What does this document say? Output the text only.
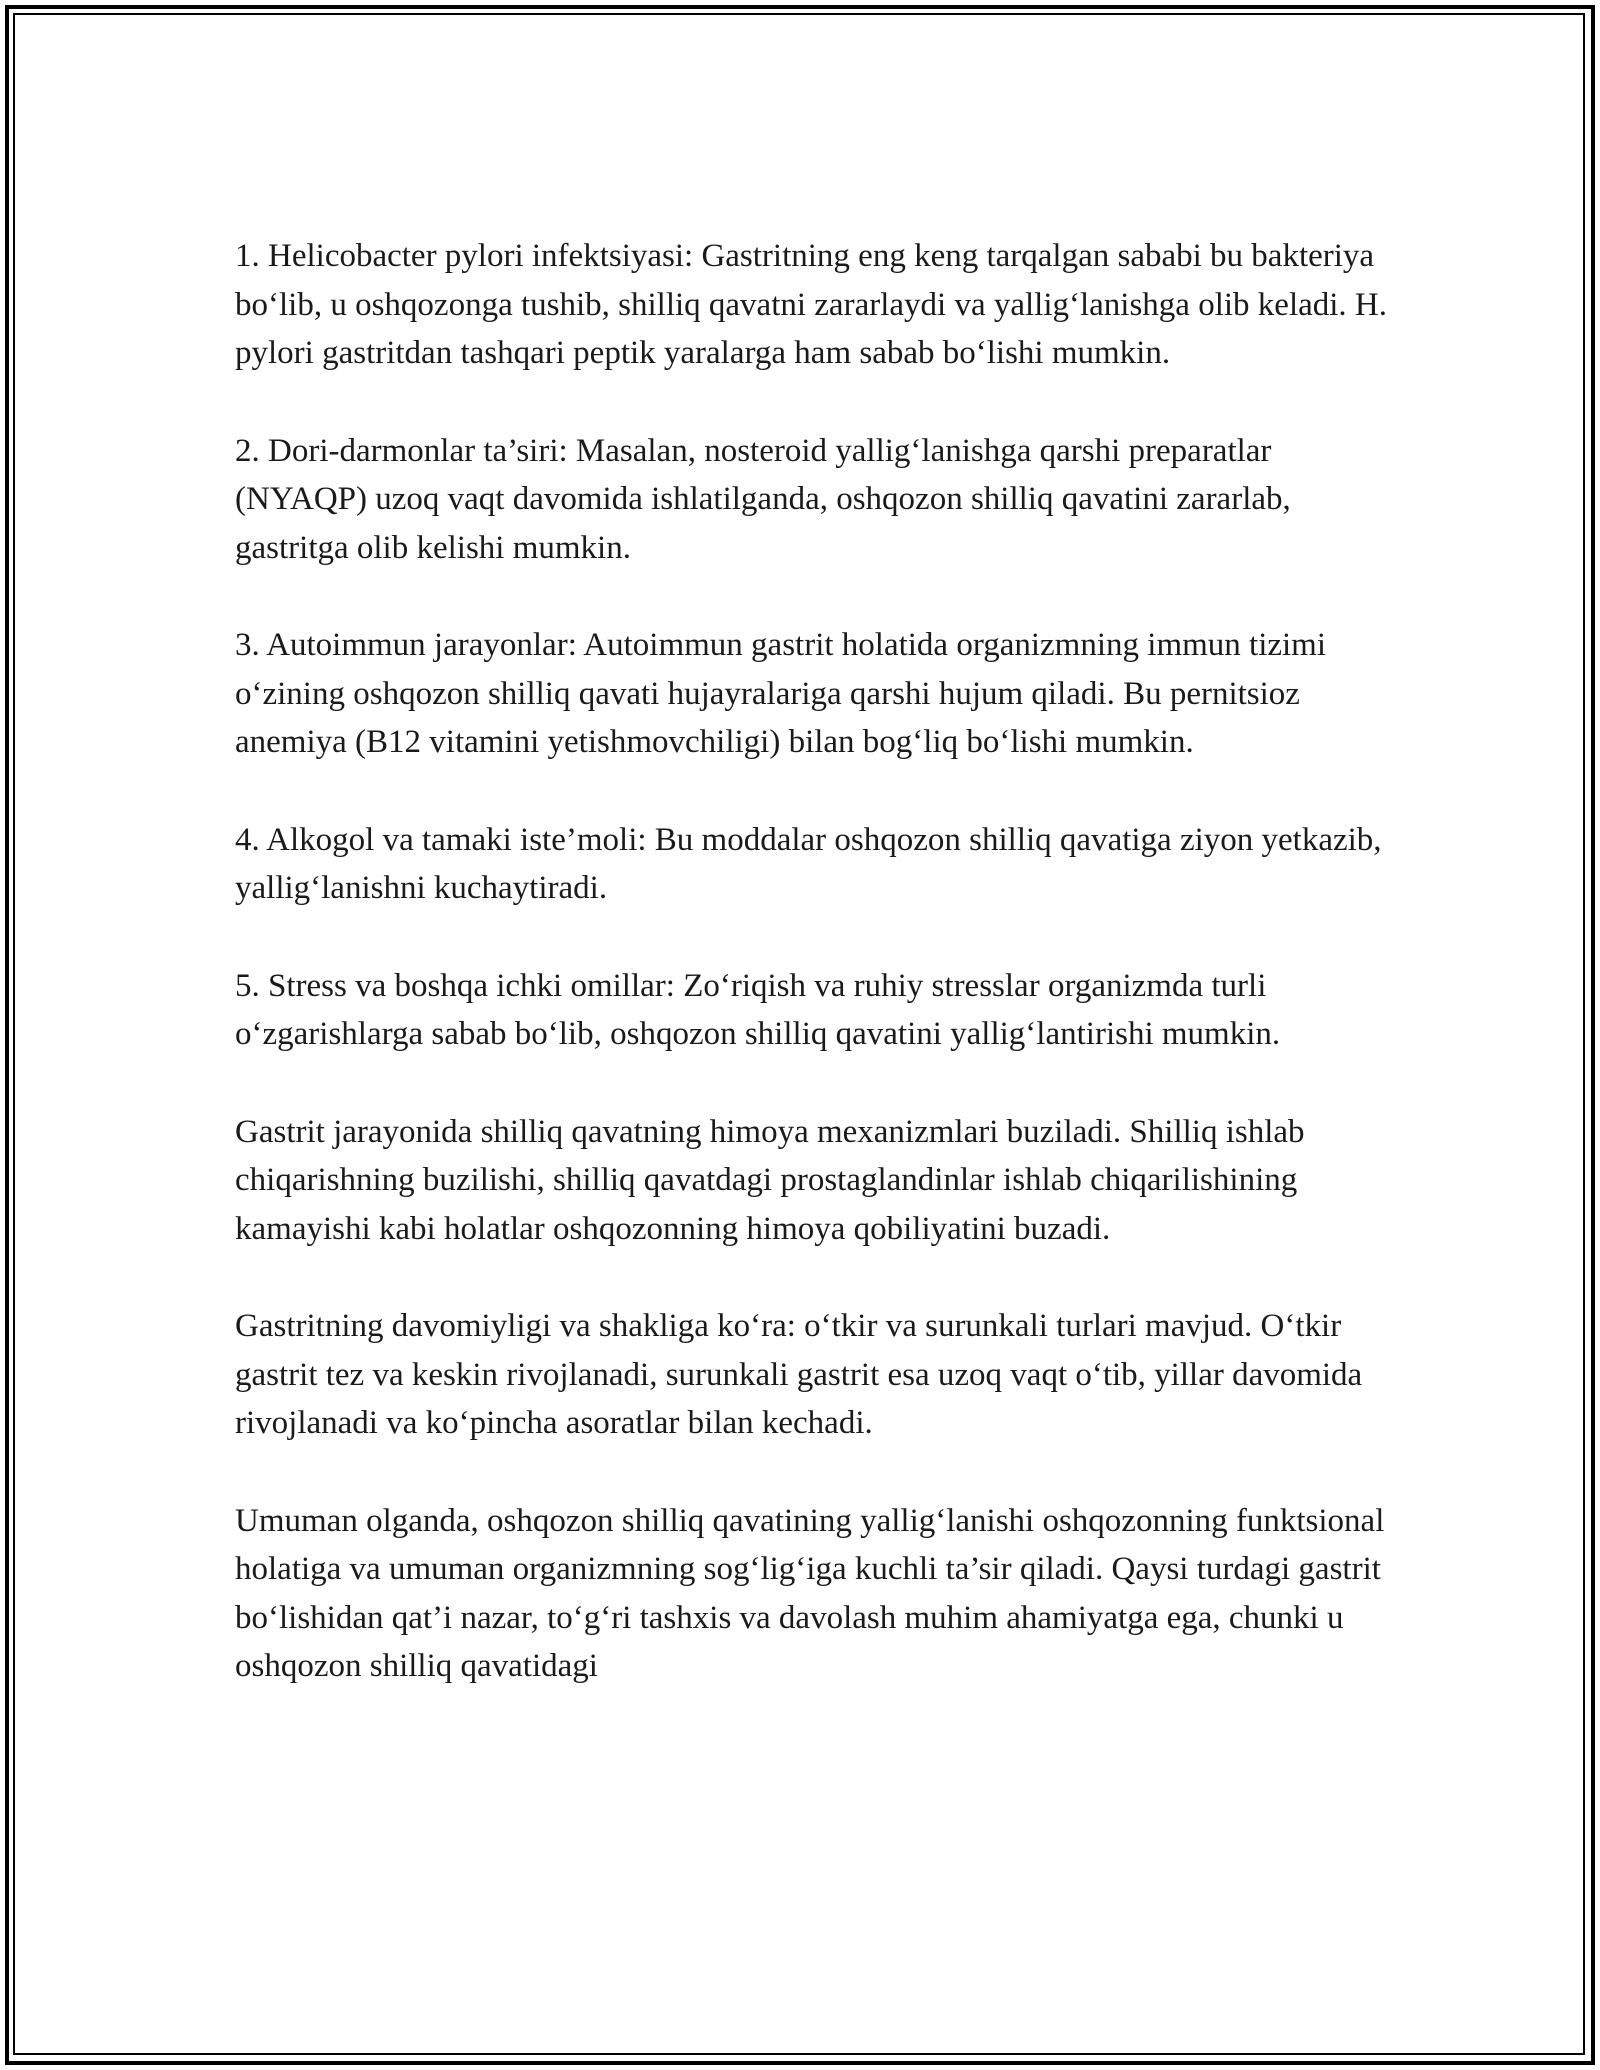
1. Helicobacter pylori infektsiyasi: Gastritning eng keng tarqalgan sababi bu bakteriya bo‘lib, u oshqozonga tushib, shilliq qavatni zararlaydi va yallig‘lanishga olib keladi. H. pylori gastritdan tashqari peptik yaralarga ham sabab bo‘lishi mumkin.

2. Dori-darmonlar ta’siri: Masalan, nosteroid yallig‘lanishga qarshi preparatlar (NYAQP) uzoq vaqt davomida ishlatilganda, oshqozon shilliq qavatini zararlab, gastritga olib kelishi mumkin.

3. Autoimmun jarayonlar: Autoimmun gastrit holatida organizmning immun tizimi o‘zining oshqozon shilliq qavati hujayralariga qarshi hujum qiladi. Bu pernitsioz anemiya (B12 vitamini yetishmovchiligi) bilan bog‘liq bo‘lishi mumkin.

4. Alkogol va tamaki iste’moli: Bu moddalar oshqozon shilliq qavatiga ziyon yetkazib, yallig‘lanishni kuchaytiradi.

5. Stress va boshqa ichki omillar: Zo‘riqish va ruhiy stresslar organizmda turli o‘zgarishlarga sabab bo‘lib, oshqozon shilliq qavatini yallig‘lantirishi mumkin.

Gastrit jarayonida shilliq qavatning himoya mexanizmlari buziladi. Shilliq ishlab chiqarishning buzilishi, shilliq qavatdagi prostaglandinlar ishlab chiqarilishining kamayishi kabi holatlar oshqozonning himoya qobiliyatini buzadi.

Gastritning davomiyligi va shakliga ko‘ra: o‘tkir va surunkali turlari mavjud. O‘tkir gastrit tez va keskin rivojlanadi, surunkali gastrit esa uzoq vaqt o‘tib, yillar davomida rivojlanadi va ko‘pincha asoratlar bilan kechadi.

Umuman olganda, oshqozon shilliq qavatining yallig‘lanishi oshqozonning funktsional holatiga va umuman organizmning sog‘lig‘iga kuchli ta’sir qiladi. Qaysi turdagi gastrit bo‘lishidan qat’i nazar, to‘g‘ri tashxis va davolash muhim ahamiyatga ega, chunki u oshqozon shilliq qavatidagi
